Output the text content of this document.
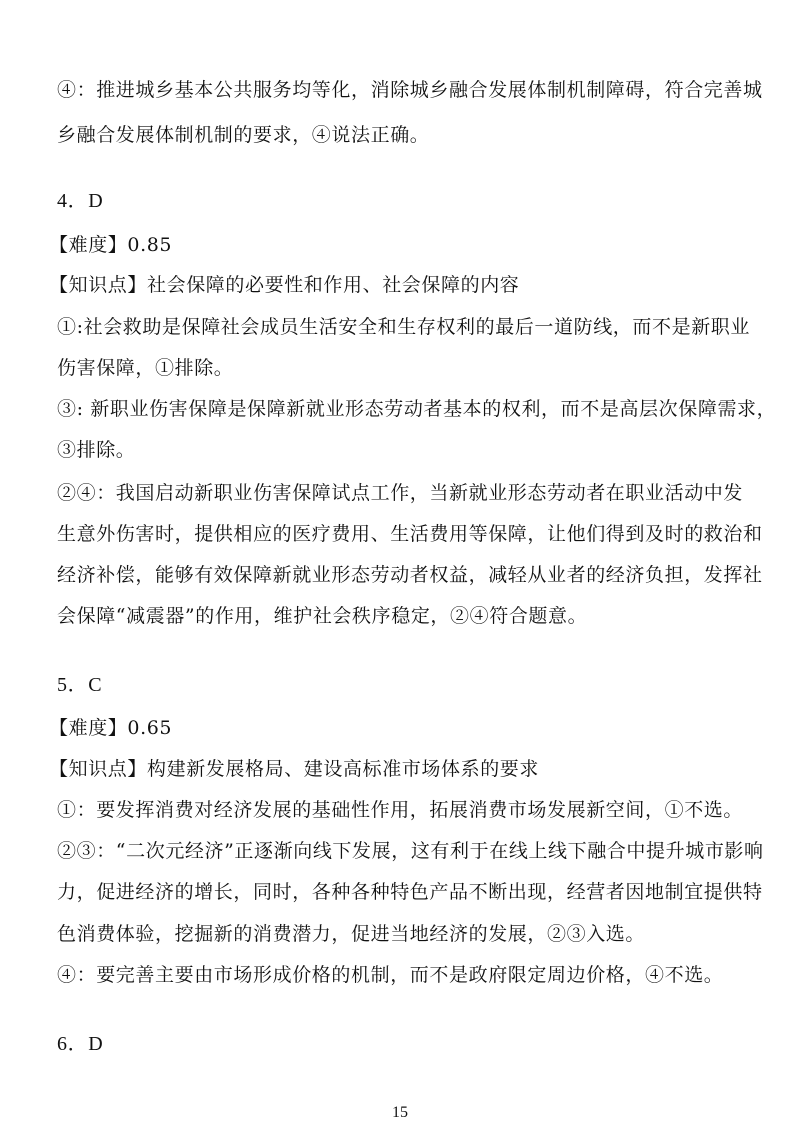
④：推进城乡基本公共服务均等化，消除城乡融合发展体制机制障碍，符合完善城
乡融合发展体制机制的要求，④说法正确。
4．D
【难度】0.85
【知识点】社会保障的必要性和作用、社会保障的内容
①:社会救助是保障社会成员生活安全和生存权利的最后一道防线，而不是新职业
伤害保障，①排除。
③: 新职业伤害保障是保障新就业形态劳动者基本的权利，而不是高层次保障需求，
③排除。
②④：我国启动新职业伤害保障试点工作，当新就业形态劳动者在职业活动中发
生意外伤害时，提供相应的医疗费用、生活费用等保障，让他们得到及时的救治和
经济补偿，能够有效保障新就业形态劳动者权益，减轻从业者的经济负担，发挥社
会保障“减震器”的作用，维护社会秩序稳定，②④符合题意。
5．C
【难度】0.65
【知识点】构建新发展格局、建设高标准市场体系的要求
①：要发挥消费对经济发展的基础性作用，拓展消费市场发展新空间，①不选。
②③：“二次元经济”正逐渐向线下发展，这有利于在线上线下融合中提升城市影响
力，促进经济的增长，同时，各种各种特色产品不断出现，经营者因地制宜提供特
色消费体验，挖掘新的消费潜力，促进当地经济的发展，②③入选。
④：要完善主要由市场形成价格的机制，而不是政府限定周边价格，④不选。
6．D
15
